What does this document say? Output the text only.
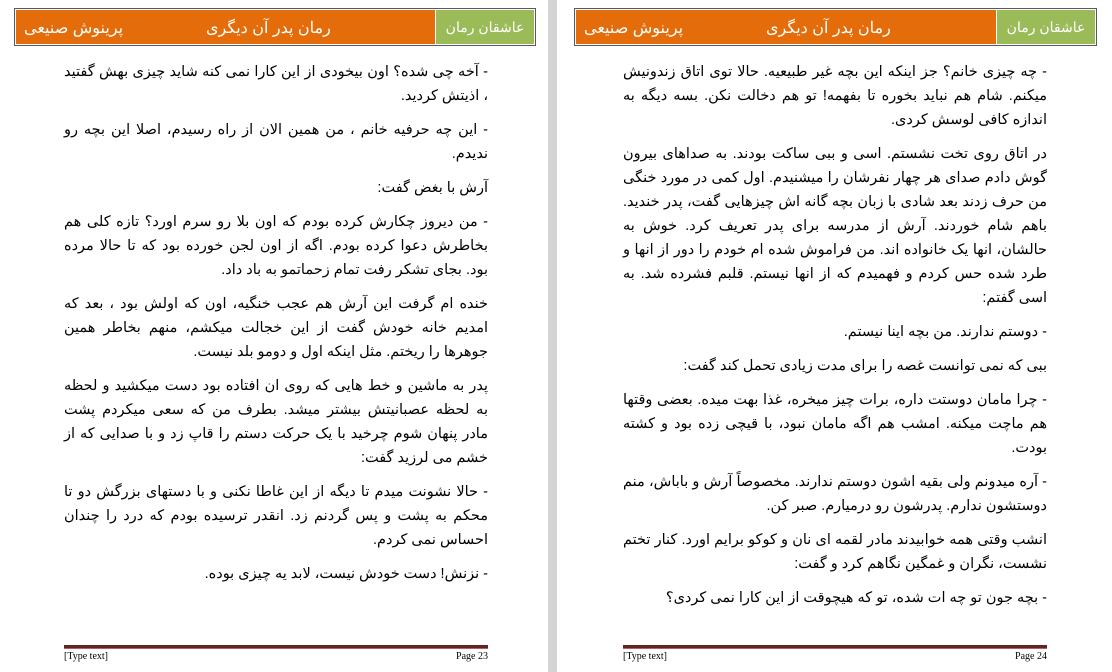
پرینوش صنیعی	رمان پدر آن دیگری	عاشقان رمان

- آخه چی شده؟ اون بیخودی از این کارا نمی کنه شاید چیزی بهش گفتید ، اذیتش کردید.

- این چه حرفیه خانم ، من همین الان از راه رسیدم، اصلا این بچه رو ندیدم.

آرش با بغض گفت:

- من دیروز چکارش کرده بودم که اون بلا رو سرم اورد؟ تازه کلی هم بخاطرش دعوا کرده بودم. اگه از اون لجن خورده بود که تا حالا مرده بود. بجای تشکر رفت تمام زحماتمو به باد داد.

خنده ام گرفت این آرش هم عجب خنگیه، اون که اولش بود ، بعد که امدیم خانه خودش گفت از این خجالت میکشم، منهم بخاطر همین جوهرها را ریختم. مثل اینکه اول و دومو بلد نیست.

پدر به ماشین و خط هایی که روی ان افتاده بود دست میکشید و لحظه به لحظه عصبانیتش بیشتر میشد. بطرف من که سعی میکردم پشت مادر پنهان شوم چرخید با یک حرکت دستم را قاپ زد و با صدایی که از خشم می لرزید گفت:

- حالا نشونت میدم تا دیگه از این غاطا نکنی و با دستهای بزرگش دو تا محکم به پشت و پس گردنم زد. انقدر ترسیده بودم که درد را چندان احساس نمی کردم.

- نزنش! دست خودش نیست، لابد یه چیزی بوده.

[Type text]	Page 23
پرینوش صنیعی	رمان پدر آن دیگری	عاشقان رمان

- چه چیزی خانم؟ جز اینکه این بچه غیر طبیعیه. حالا توی اتاق زندونیش میکنم. شام هم نباید بخوره تا بفهمه! تو هم دخالت نکن. بسه دیگه به اندازه کافی لوسش کردی.

در اتاق روی تخت نشستم. اسی و ببی ساکت بودند. به صداهای بیرون گوش دادم صدای هر چهار نفرشان را میشنیدم. اول کمی در مورد خنگی من حرف زدند بعد شادی با زبان بچه گانه اش چیزهایی گفت، پدر خندید. باهم شام خوردند. آرش از مدرسه برای پدر تعریف کرد. خوش به حالشان، انها یک خانواده اند. من فراموش شده ام خودم را دور از انها و طرد شده حس کردم و فهمیدم که از انها نیستم. قلبم فشرده شد. به اسی گفتم:

- دوستم ندارند. من بچه اینا نیستم.

ببی که نمی توانست غصه را برای مدت زیادی تحمل کند گفت:

- چرا مامان دوستت داره، برات چیز میخره، غذا بهت میده. بعضی وقتها هم ماچت میکنه. امشب هم اگه مامان نبود، با قیچی زده بود و کشته بودت.

- آره میدونم ولی بقیه اشون دوستم ندارند. مخصوصاً آرش و باباش، منم دوستشون ندارم. پدرشون رو درمیارم. صبر کن.

انشب وقتی همه خوابیدند مادر لقمه ای نان و کوکو برایم اورد. کنار تختم نشست، نگران و غمگین نگاهم کرد و گفت:

- بچه جون تو چه ات شده، تو که هیچوقت از این کارا نمی کردی؟

[Type text]	Page 24
